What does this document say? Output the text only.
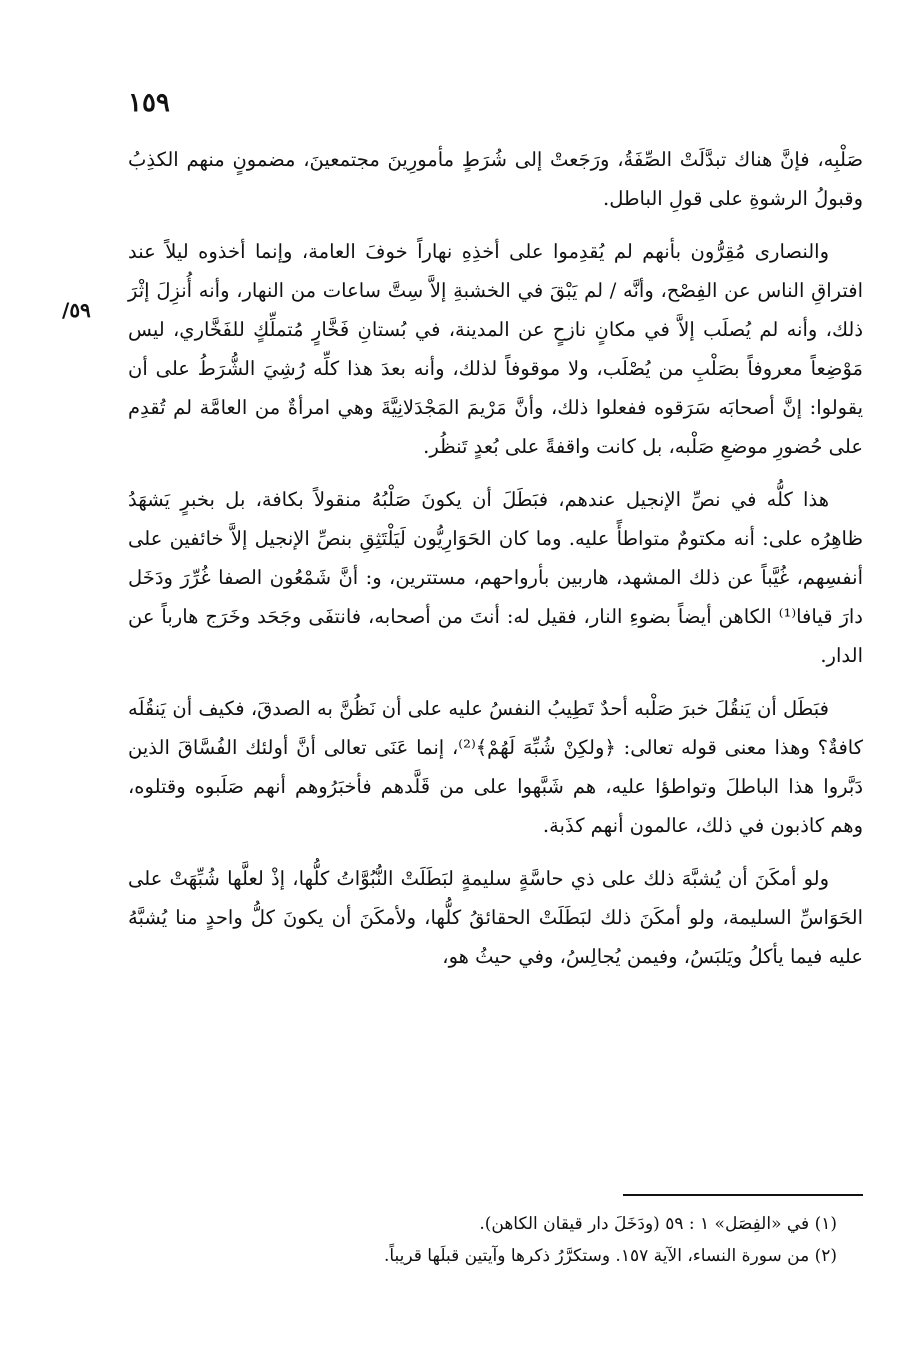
١٥٩
٥٩/

صَلْبِه، فإنَّ هناك تبدَّلَتْ الصِّفَةُ، ورَجَعتْ إلى شُرَطٍ مأمورِينَ مجتمعينَ، مضمونٍ منهم الكذِبُ وقبولُ الرشوةِ على قولِ الباطل.

والنصارى مُقِرُّون بأنهم لم يُقدِموا على أخذِهِ نهاراً خوفَ العامة، وإنما أخذوه ليلاً عند افتراقِ الناس عن الفِصْح، وأنَّه / لم يَبْقَ في الخشبةِ إلاَّ سِتَّ ساعات من النهار، وأنه أُنزِلَ إثْرَ ذلك، وأنه لم يُصلَب إلاَّ في مكانٍ نازحٍ عن المدينة، في بُستانِ فَخَّارٍ مُتملِّكٍ للفَخَّاري، ليس مَوْضِعاً معروفاً بصَلْبِ من يُصْلَب، ولا موقوفاً لذلك، وأنه بعدَ هذا كلِّه رُشِيَ الشُّرَطُ على أن يقولوا: إنَّ أصحابَه سَرَقوه ففعلوا ذلك، وأنَّ مَرْيمَ المَجْدَلانِيَّةَ وهي امرأةٌ من العامَّة لم تُقدِم على حُضورِ موضعِ صَلْبه، بل كانت واقفةً على بُعدٍ تَنظُر.

هذا كلُّه في نصِّ الإنجيل عندهم، فبَطَلَ أن يكونَ صَلْبُهُ منقولاً بكافة، بل بخبرٍ يَشهَدُ ظاهِرُه على: أنه مكتومٌ متواطأً عليه. وما كان الحَوَارِيُّون لَيَلْتَثِقِ بنصِّ الإنجيل إلاَّ خائفين على أنفسِهم، غُيَّباً عن ذلك المشهد، هاربين بأرواحهم، مستترين، و: أنَّ شَمْعُون الصفا غُرِّرَ ودَخَل دارَ قيافا⁽¹⁾ الكاهن أيضاً بضوءِ النار، فقيل له: أنتَ من أصحابه، فانتفَى وجَحَد وخَرَج هارباً عن الدار.

فبَطَل أن يَنقُلَ خبرَ صَلْبه أحدٌ تَطِيبُ النفسُ عليه على أن نَظُنَّ به الصدقَ، فكيف أن يَنقُلَه كافةٌ؟ وهذا معنى قوله تعالى: ﴿ولكِنْ شُبِّهَ لَهُمْ﴾⁽²⁾، إنما عَنَى تعالى أنَّ أولئك الفُسَّاقَ الذين دَبَّروا هذا الباطلَ وتواطؤا عليه، هم شَبَّهوا على من قَلَّدهم فأخبَرُوهم أنهم صَلَبوه وقتلوه، وهم كاذبون في ذلك، عالمون أنهم كذَبة.

ولو أمكَنَ أن يُشبَّهَ ذلك على ذي حاسَّةٍ سليمةٍ لبَطَلَتْ النُّبُوَّاتُ كلُّها، إذْ لعلَّها شُبِّهَتْ على الحَوَاسِّ السليمة، ولو أمكَنَ ذلك لبَطَلَتْ الحقائقُ كلُّها، ولأمكَنَ أن يكونَ كلُّ واحدٍ منا يُشبَّهُ عليه فيما يأكلُ ويَلبَسُ، وفيمن يُجالِسُ، وفي حيثُ هو،

(١) في «الفِصَل» ١ : ٥٩ (ودَخَلَ دار قيقان الكاهن).
(٢) من سورة النساء، الآية ١٥٧. وستكرَّرُ ذكرها وآيتين قبلَها قريباً.
